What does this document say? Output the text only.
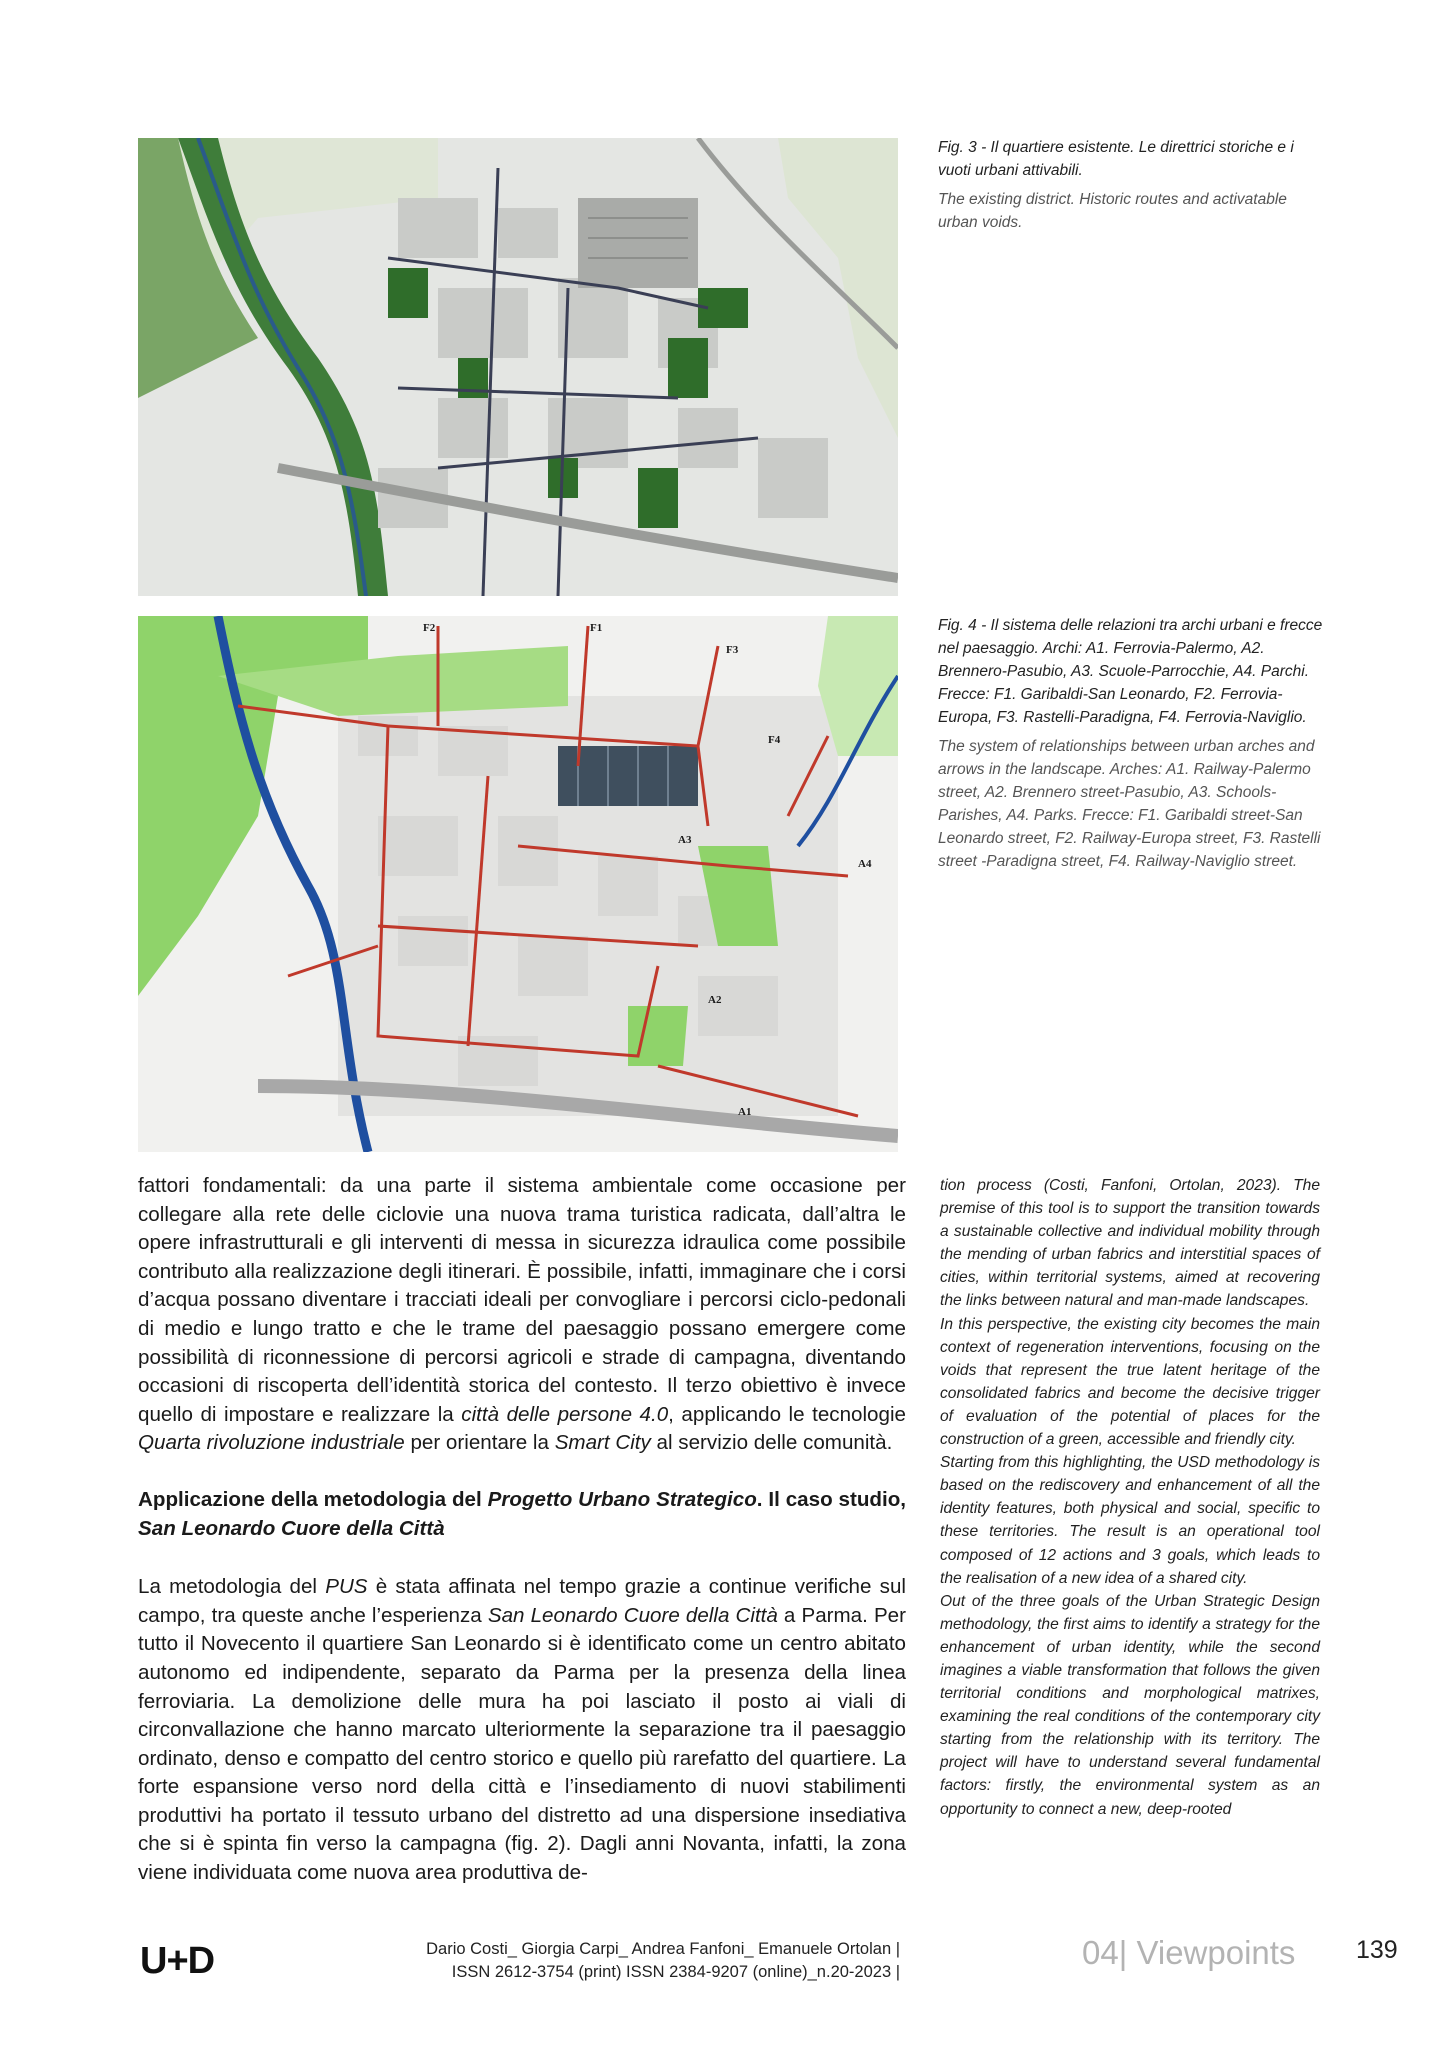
Fig. 3 - Il quartiere esistente. Le direttrici storiche e i vuoti urbani attivabili.
The existing district. Historic routes and activatable urban voids.
F2	F1
F3
F4
A3
A4
A2
A1
Fig. 4 - Il sistema delle relazioni tra archi urbani e frecce nel paesaggio. Archi: A1. Ferrovia-Palermo, A2. Brennero-Pasubio, A3. Scuole-Parrocchie, A4. Parchi. Frecce: F1. Garibaldi-San Leonardo, F2. Ferrovia-Europa, F3. Rastelli-Paradigna, F4. Ferrovia-Naviglio.
The system of relationships between urban arches and arrows in the landscape. Arches: A1. Railway-Palermo street, A2. Brennero street-Pasubio, A3. Schools- Parishes, A4. Parks. Frecce: F1. Garibaldi street-San Leonardo street, F2. Railway-Europa street, F3. Rastelli street -Paradigna street, F4. Railway-Naviglio street.

fattori fondamentali: da una parte il sistema ambientale come occasione per collegare alla rete delle ciclovie una nuova trama turistica radicata, dall’altra le opere infrastrutturali e gli interventi di messa in sicurezza idraulica come possibile contributo alla realizzazione degli itinerari. È possibile, infatti, immaginare che i corsi d’acqua possano diventare i tracciati ideali per convogliare i percorsi ciclo-pedonali di medio e lungo tratto e che le trame del paesaggio possano emergere come possibilità di riconnessione di percorsi agricoli e strade di campagna, diventando occasioni di riscoperta dell’identità storica del contesto. Il terzo obiettivo è invece quello di impostare e realizzare la città delle persone 4.0, applicando le tecnologie Quarta rivoluzione industriale per orientare la Smart City al servizio delle comunità.

Applicazione della metodologia del Progetto Urbano Strategico. Il caso studio, San Leonardo Cuore della Città

La metodologia del PUS è stata affinata nel tempo grazie a continue verifiche sul campo, tra queste anche l’esperienza San Leonardo Cuore della Città a Parma. Per tutto il Novecento il quartiere San Leonardo si è identificato come un centro abitato autonomo ed indipendente, separato da Parma per la presenza della linea ferroviaria. La demolizione delle mura ha poi lasciato il posto ai viali di circonvallazione che hanno marcato ulteriormente la separazione tra il paesaggio ordinato, denso e compatto del centro storico e quello più rarefatto del quartiere. La forte espansione verso nord della città e l’insediamento di nuovi stabilimenti produttivi ha portato il tessuto urbano del distretto ad una dispersione insediativa che si è spinta fin verso la campagna (fig. 2). Dagli anni Novanta, infatti, la zona viene individuata come nuova area produttiva de-

tion process (Costi, Fanfoni, Ortolan, 2023). The premise of this tool is to support the transition towards a sustainable collective and individual mobility through the mending of urban fabrics and interstitial spaces of cities, within territorial systems, aimed at recovering the links between natural and man-made landscapes.

In this perspective, the existing city becomes the main context of regeneration interventions, focusing on the voids that represent the true latent heritage of the consolidated fabrics and become the decisive trigger of evaluation of the potential of places for the construction of a green, accessible and friendly city.

Starting from this highlighting, the USD methodology is based on the rediscovery and enhancement of all the identity features, both physical and social, specific to these territories. The result is an operational tool composed of 12 actions and 3 goals, which leads to the realisation of a new idea of a shared city.

Out of the three goals of the Urban Strategic Design methodology, the first aims to identify a strategy for the enhancement of urban identity, while the second imagines a viable transformation that follows the given territorial conditions and morphological matrixes, examining the real conditions of the contemporary city starting from the relationship with its territory. The project will have to understand several fundamental factors: firstly, the environmental system as an opportunity to connect a new, deep-rooted

U+D	Dario Costi_ Giorgia Carpi_ Andrea Fanfoni_ Emanuele Ortolan |
ISSN 2612-3754 (print) ISSN 2384-9207 (online)_n.20-2023 |
04| Viewpoints 139
